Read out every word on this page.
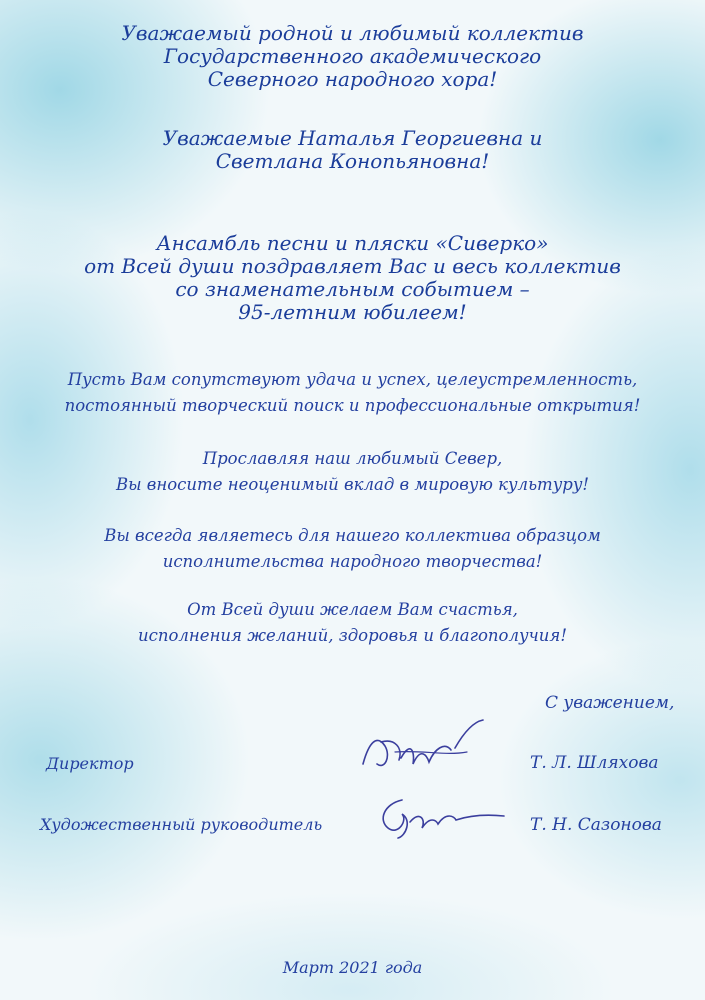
Уважаемый родной и любимый коллектив
Государственного академического
Северного народного хора!
Уважаемые Наталья Георгиевна и
Светлана Конопьяновна!
Ансамбль песни и пляски «Сиверко»
от Всей души поздравляет Вас и весь коллектив
со знаменательным событием –
95-летним юбилеем!
Пусть Вам сопутствуют удача и успех, целеустремленность,
постоянный творческий поиск и профессиональные открытия!
Прославляя наш любимый Север,
Вы вносите неоценимый вклад в мировую культуру!
Вы всегда являетесь для нашего коллектива образцом
исполнительства народного творчества!
От Всей души желаем Вам счастья,
исполнения желаний, здоровья и благополучия!
С уважением,
Директор
Художественный руководитель
Т. Л. Шляхова
Т. Н. Сазонова
Март 2021 года
